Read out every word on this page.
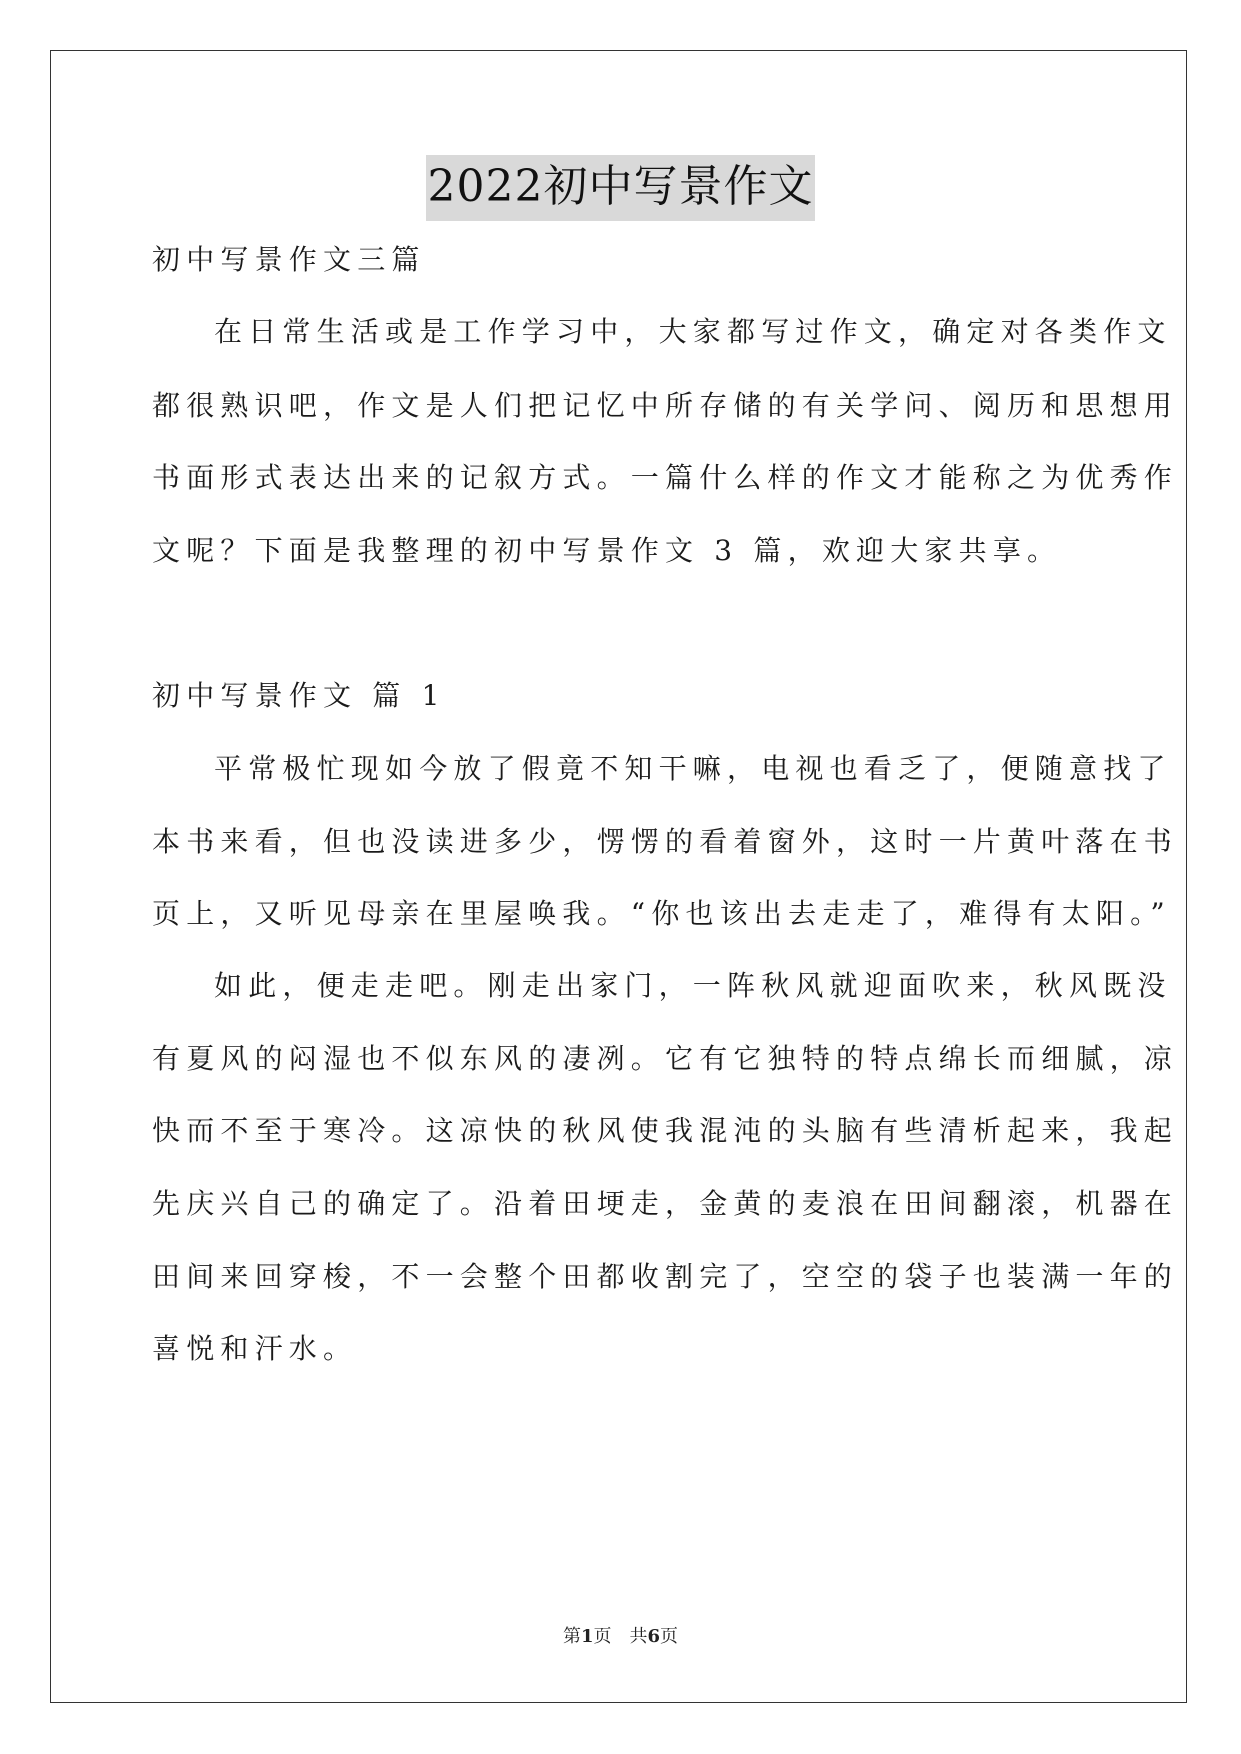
2022初中写景作文
初中写景作文三篇
在日常生活或是工作学习中，大家都写过作文，确定对各类作文
都很熟识吧，作文是人们把记忆中所存储的有关学问、阅历和思想用
书面形式表达出来的记叙方式。一篇什么样的作文才能称之为优秀作
文呢？下面是我整理的初中写景作文 3 篇，欢迎大家共享。
初中写景作文 篇 1
平常极忙现如今放了假竟不知干嘛，电视也看乏了，便随意找了
本书来看，但也没读进多少，愣愣的看着窗外，这时一片黄叶落在书
页上，又听见母亲在里屋唤我。“你也该出去走走了，难得有太阳。”
如此，便走走吧。刚走出家门，一阵秋风就迎面吹来，秋风既没
有夏风的闷湿也不似东风的凄冽。它有它独特的特点绵长而细腻，凉
快而不至于寒冷。这凉快的秋风使我混沌的头脑有些清析起来，我起
先庆兴自己的确定了。沿着田埂走，金黄的麦浪在田间翻滚，机器在
田间来回穿梭，不一会整个田都收割完了，空空的袋子也装满一年的
喜悦和汗水。
第1页　共6页
